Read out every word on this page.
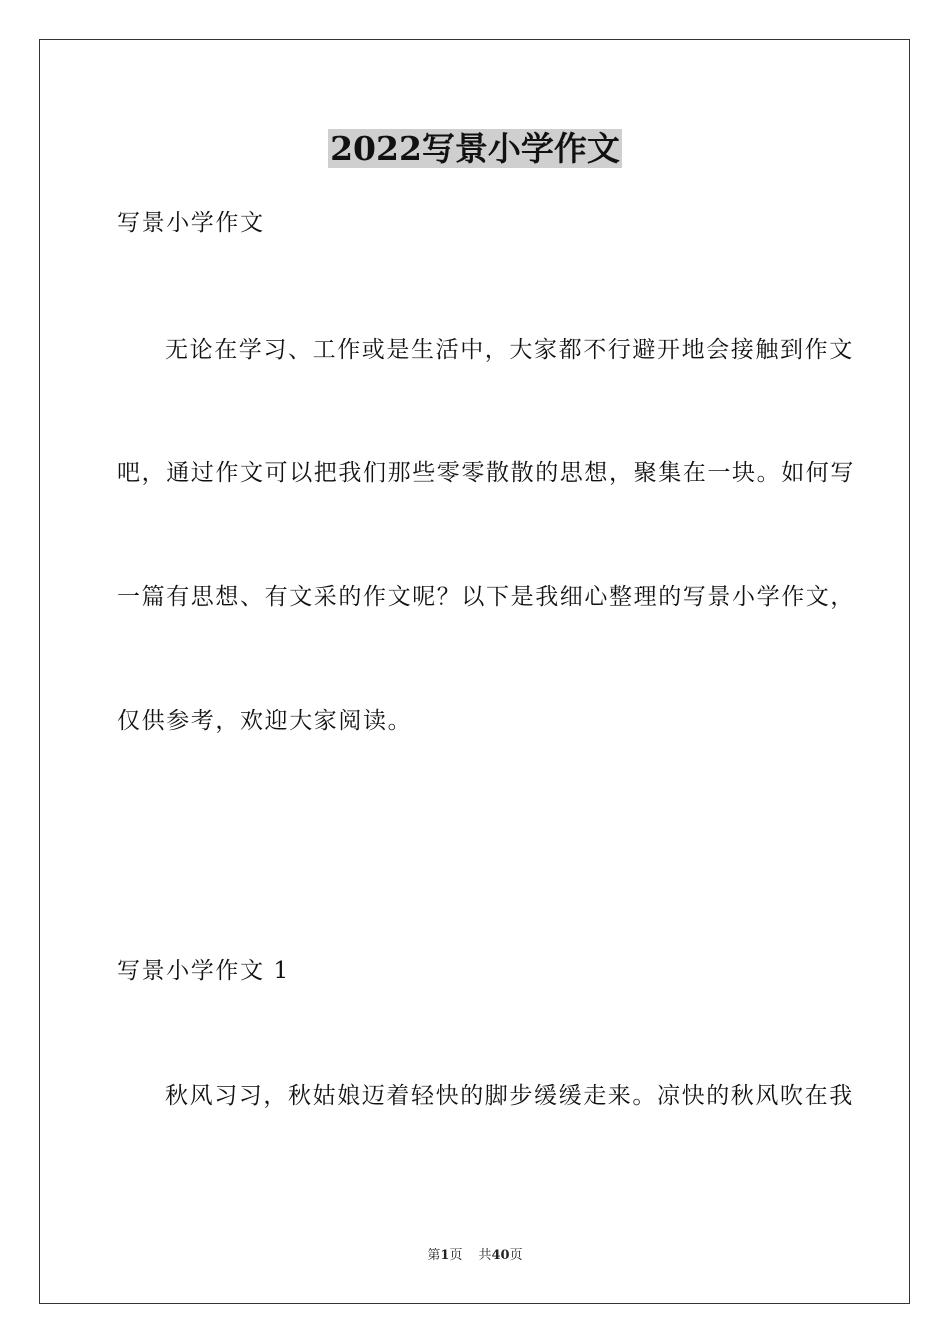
2022写景小学作文
写景小学作文
无论在学习、工作或是生活中，大家都不行避开地会接触到作文
吧，通过作文可以把我们那些零零散散的思想，聚集在一块。如何写
一篇有思想、有文采的作文呢？以下是我细心整理的写景小学作文，
仅供参考，欢迎大家阅读。
写景小学作文 1
秋风习习，秋姑娘迈着轻快的脚步缓缓走来。凉快的秋风吹在我
第1页 共40页
